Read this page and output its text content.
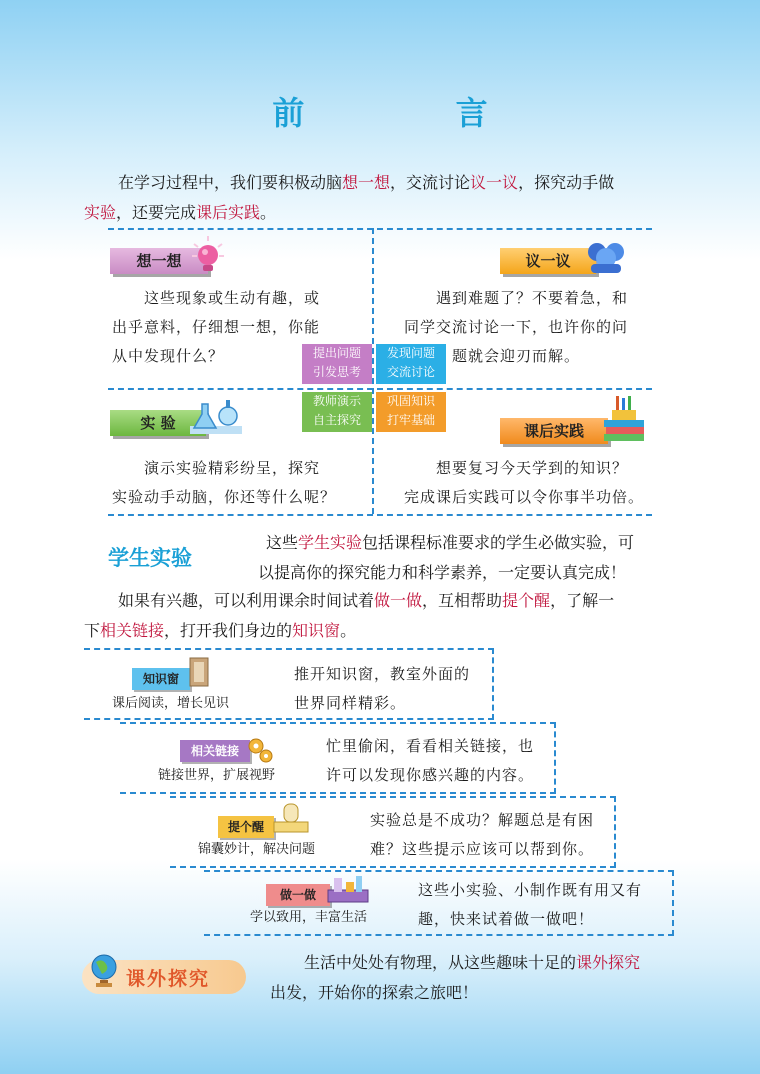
前 言
在学习过程中，我们要积极动脑想一想，交流讨论议一议，探究动手做
实验，还要完成课后实践。
想一想
这些现象或生动有趣，或
出乎意料，仔细想一想，你能
从中发现什么？
议一议
遇到难题了？不要着急，和
同学交流讨论一下，也许你的问
题就会迎刃而解。
提出问题
引发思考
发现问题
交流讨论
教师演示
自主探究
巩固知识
打牢基础
实 验
演示实验精彩纷呈，探究
实验动手动脑，你还等什么呢？
课后实践
想要复习今天学到的知识？
完成课后实践可以令你事半功倍。
学生实验
这些学生实验包括课程标准要求的学生必做实验，可
以提高你的探究能力和科学素养，一定要认真完成！
如果有兴趣，可以利用课余时间试着做一做，互相帮助提个醒，了解一
下相关链接，打开我们身边的知识窗。
知识窗
课后阅读，增长见识
推开知识窗，教室外面的
世界同样精彩。
相关链接
链接世界，扩展视野
忙里偷闲，看看相关链接，也
许可以发现你感兴趣的内容。
提个醒
锦囊妙计，解决问题
实验总是不成功？解题总是有困
难？这些提示应该可以帮到你。
做一做
学以致用，丰富生活
这些小实验、小制作既有用又有
趣，快来试着做一做吧！
课外探究
生活中处处有物理，从这些趣味十足的课外探究
出发，开始你的探索之旅吧！
